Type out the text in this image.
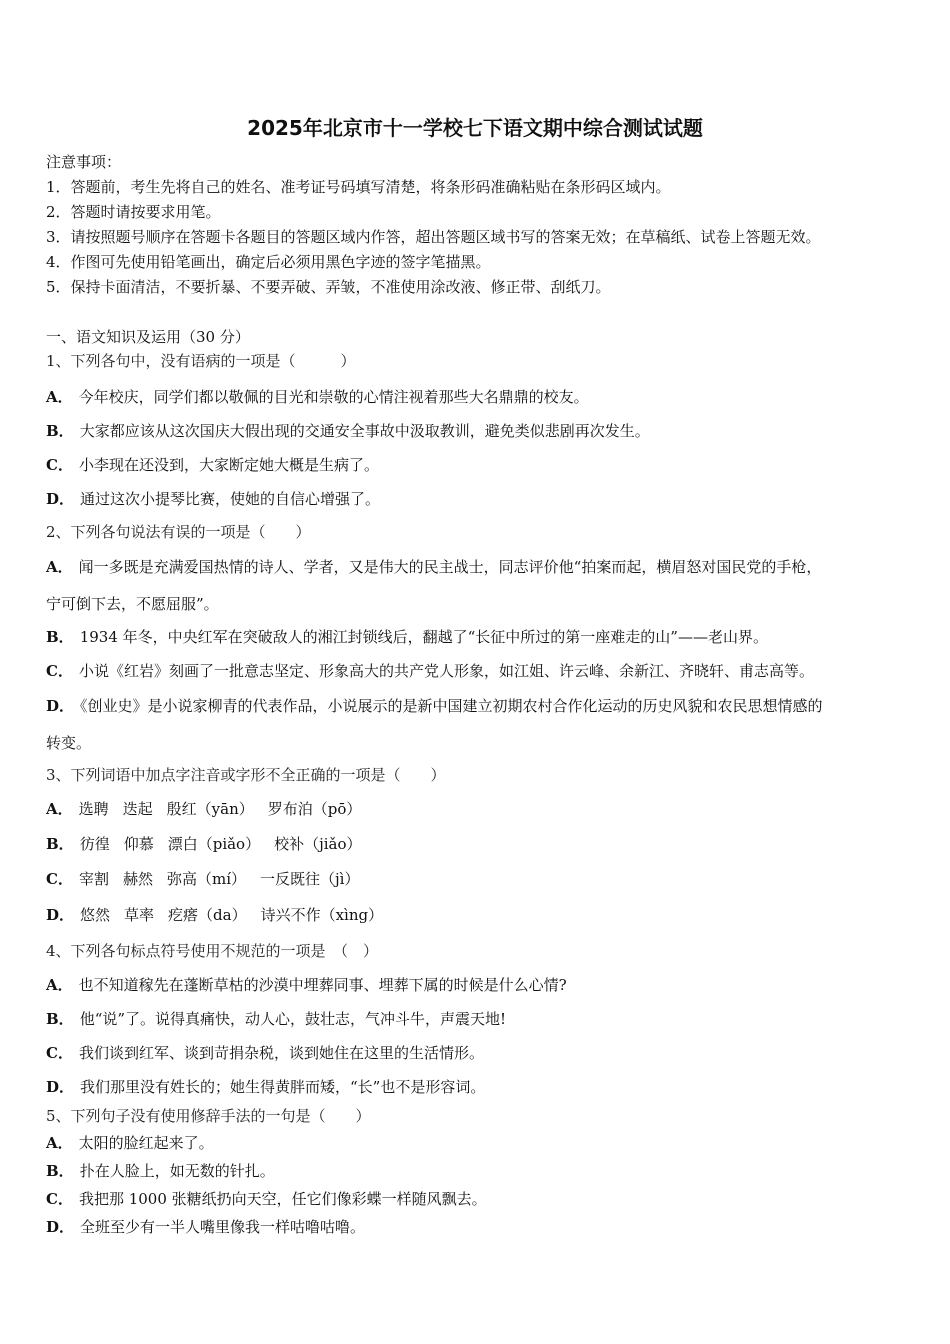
2025年北京市十一学校七下语文期中综合测试试题
注意事项：
1．答题前，考生先将自己的姓名、准考证号码填写清楚，将条形码准确粘贴在条形码区域内。
2．答题时请按要求用笔。
3．请按照题号顺序在答题卡各题目的答题区域内作答，超出答题区域书写的答案无效；在草稿纸、试卷上答题无效。
4．作图可先使用铅笔画出，确定后必须用黑色字迹的签字笔描黑。
5．保持卡面清洁，不要折暴、不要弄破、弄皱，不准使用涂改液、修正带、刮纸刀。
一、语文知识及运用（30 分）
1、下列各句中，没有语病的一项是（　　　）
A． 今年校庆，同学们都以敬佩的目光和崇敬的心情注视着那些大名鼎鼎的校友。
B． 大家都应该从这次国庆大假出现的交通安全事故中汲取教训，避免类似悲剧再次发生。
C． 小李现在还没到，大家断定她大概是生病了。
D． 通过这次小提琴比赛，使她的自信心增强了。
2、下列各句说法有误的一项是（　　）
A． 闻一多既是充满爱国热情的诗人、学者，又是伟大的民主战士，同志评价他“拍案而起，横眉怒对国民党的手枪，
宁可倒下去，不愿屈服”。
B． 1934 年冬，中央红军在突破敌人的湘江封锁线后，翻越了“长征中所过的第一座难走的山”——老山界。
C． 小说《红岩》刻画了一批意志坚定、形象高大的共产党人形象，如江姐、许云峰、余新江、齐晓轩、甫志高等。
D． 《创业史》是小说家柳青的代表作品，小说展示的是新中国建立初期农村合作化运动的历史风貌和农民思想情感的
转变。
3、下列词语中加点字注音或字形不全正确的一项是（　　）
A． 选聘 迭起 殷红（yān） 罗布泊（pō）
B． 彷徨 仰慕 漂白（piǎo） 校补（jiǎo）
C． 宰割 赫然 弥高（mí） 一反既往（jì）
D． 悠然 草率 疙瘩（da） 诗兴不作（xìng）
4、下列各句标点符号使用不规范的一项是　（　）
A． 也不知道稼先在蓬断草枯的沙漠中埋葬同事、埋葬下属的时候是什么心情?
B． 他“说”了。说得真痛快，动人心，鼓壮志，气冲斗牛，声震天地!
C． 我们谈到红军、谈到苛捐杂税，谈到她住在这里的生活情形。
D． 我们那里没有姓长的；她生得黄胖而矮，“长”也不是形容词。
5、下列句子没有使用修辞手法的一句是（　　）
A． 太阳的脸红起来了。
B． 扑在人脸上，如无数的针扎。
C． 我把那 1000 张糖纸扔向天空，任它们像彩蝶一样随风飘去。
D． 全班至少有一半人嘴里像我一样咕噜咕噜。
